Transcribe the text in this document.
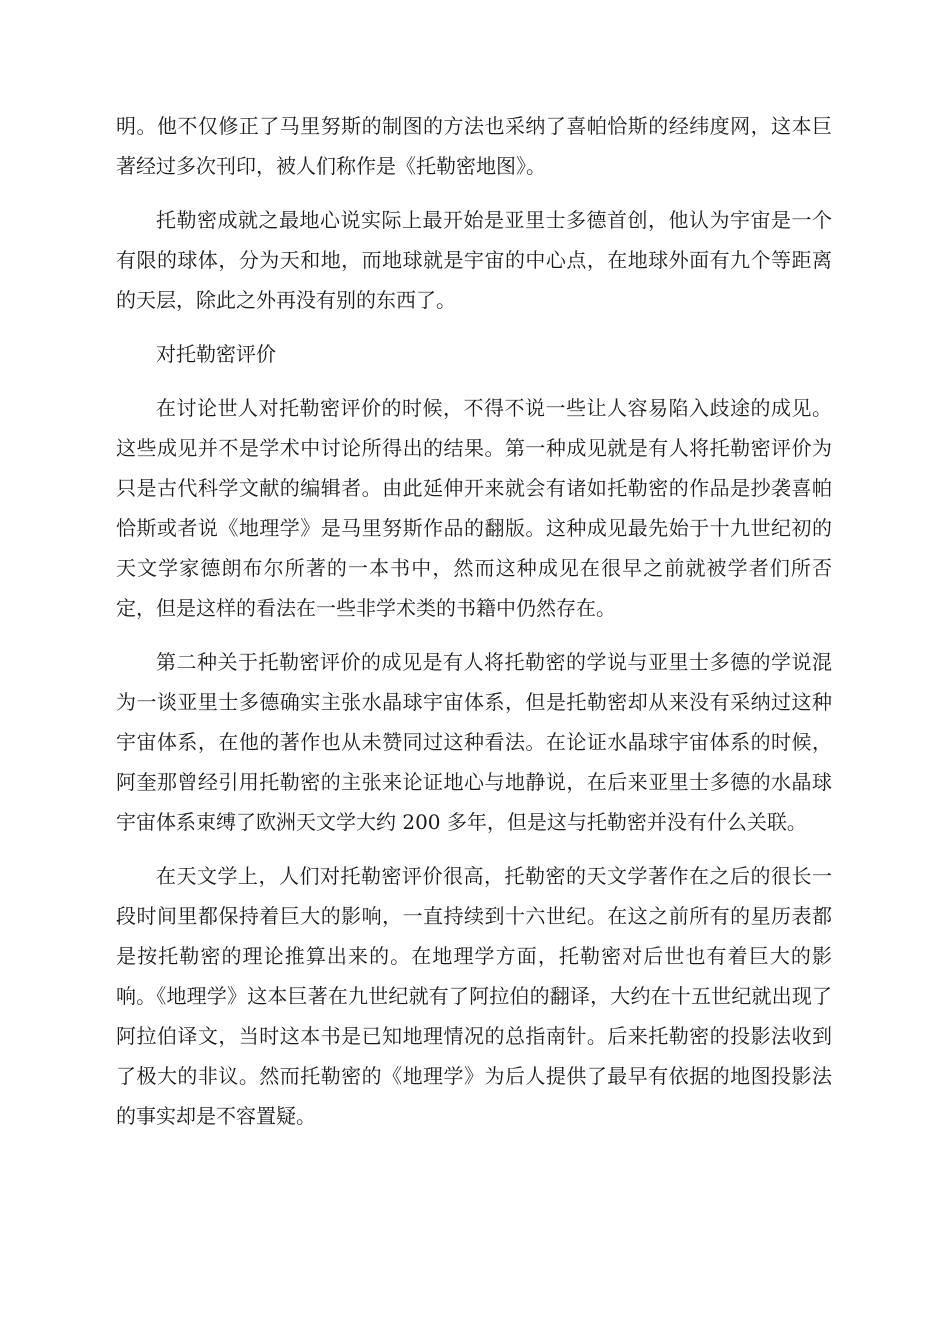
明。他不仅修正了马里努斯的制图的方法也采纳了喜帕恰斯的经纬度网，这本巨著经过多次刊印，被人们称作是《托勒密地图》。

托勒密成就之最地心说实际上最开始是亚里士多德首创，他认为宇宙是一个有限的球体，分为天和地，而地球就是宇宙的中心点，在地球外面有九个等距离的天层，除此之外再没有别的东西了。

对托勒密评价

在讨论世人对托勒密评价的时候，不得不说一些让人容易陷入歧途的成见。这些成见并不是学术中讨论所得出的结果。第一种成见就是有人将托勒密评价为只是古代科学文献的编辑者。由此延伸开来就会有诸如托勒密的作品是抄袭喜帕恰斯或者说《地理学》是马里努斯作品的翻版。这种成见最先始于十九世纪初的天文学家德朗布尔所著的一本书中，然而这种成见在很早之前就被学者们所否定，但是这样的看法在一些非学术类的书籍中仍然存在。

第二种关于托勒密评价的成见是有人将托勒密的学说与亚里士多德的学说混为一谈亚里士多德确实主张水晶球宇宙体系，但是托勒密却从来没有采纳过这种宇宙体系，在他的著作也从未赞同过这种看法。在论证水晶球宇宙体系的时候，阿奎那曾经引用托勒密的主张来论证地心与地静说，在后来亚里士多德的水晶球宇宙体系束缚了欧洲天文学大约 200 多年，但是这与托勒密并没有什么关联。

在天文学上，人们对托勒密评价很高，托勒密的天文学著作在之后的很长一段时间里都保持着巨大的影响，一直持续到十六世纪。在这之前所有的星历表都是按托勒密的理论推算出来的。在地理学方面，托勒密对后世也有着巨大的影响。《地理学》这本巨著在九世纪就有了阿拉伯的翻译，大约在十五世纪就出现了阿拉伯译文，当时这本书是已知地理情况的总指南针。后来托勒密的投影法收到了极大的非议。然而托勒密的《地理学》为后人提供了最早有依据的地图投影法的事实却是不容置疑。
